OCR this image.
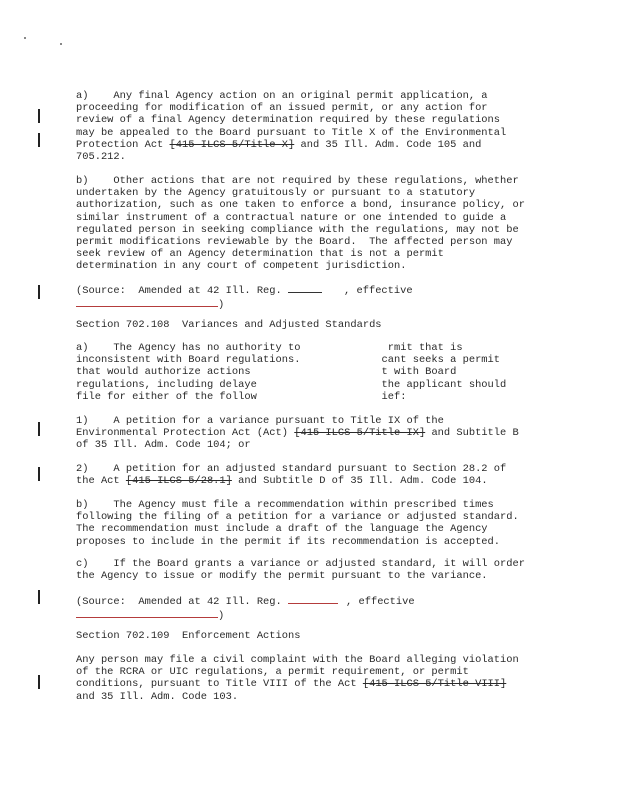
a)    Any final Agency action on an original permit application, a
proceeding for modification of an issued permit, or any action for
review of a final Agency determination required by these regulations
may be appealed to the Board pursuant to Title X of the Environmental
Protection Act [415 ILCS 5/Title X] and 35 Ill. Adm. Code 105 and
705.212.
b)    Other actions that are not required by these regulations, whether
undertaken by the Agency gratuitously or pursuant to a statutory
authorization, such as one taken to enforce a bond, insurance policy, or
similar instrument of a contractual nature or one intended to guide a
regulated person in seeking compliance with the regulations, may not be
permit modifications reviewable by the Board.  The affected person may
seek review of an Agency determination that is not a permit
determination in any court of competent jurisdiction.
(Source:  Amended at 42 Ill. Reg.	, effective
)
Section 702.108  Variances and Adjusted Standards
a)    The Agency has no authority to              rmit that is
inconsistent with Board regulations.             cant seeks a permit
that would authorize actions                     t with Board
regulations, including delaye                    the applicant should
file for either of the follow                    ief:
1)    A petition for a variance pursuant to Title IX of the
Environmental Protection Act (Act) [415 ILCS 5/Title IX] and Subtitle B
of 35 Ill. Adm. Code 104; or
2)    A petition for an adjusted standard pursuant to Section 28.2 of
the Act [415 ILCS 5/28.1] and Subtitle D of 35 Ill. Adm. Code 104.
b)    The Agency must file a recommendation within prescribed times
following the filing of a petition for a variance or adjusted standard.
The recommendation must include a draft of the language the Agency
proposes to include in the permit if its recommendation is accepted.
c)    If the Board grants a variance or adjusted standard, it will order
the Agency to issue or modify the permit pursuant to the variance.
(Source:  Amended at 42 Ill. Reg.	, effective
)
Section 702.109  Enforcement Actions
Any person may file a civil complaint with the Board alleging violation
of the RCRA or UIC regulations, a permit requirement, or permit
conditions, pursuant to Title VIII of the Act [415 ILCS 5/Title VIII]
and 35 Ill. Adm. Code 103.
